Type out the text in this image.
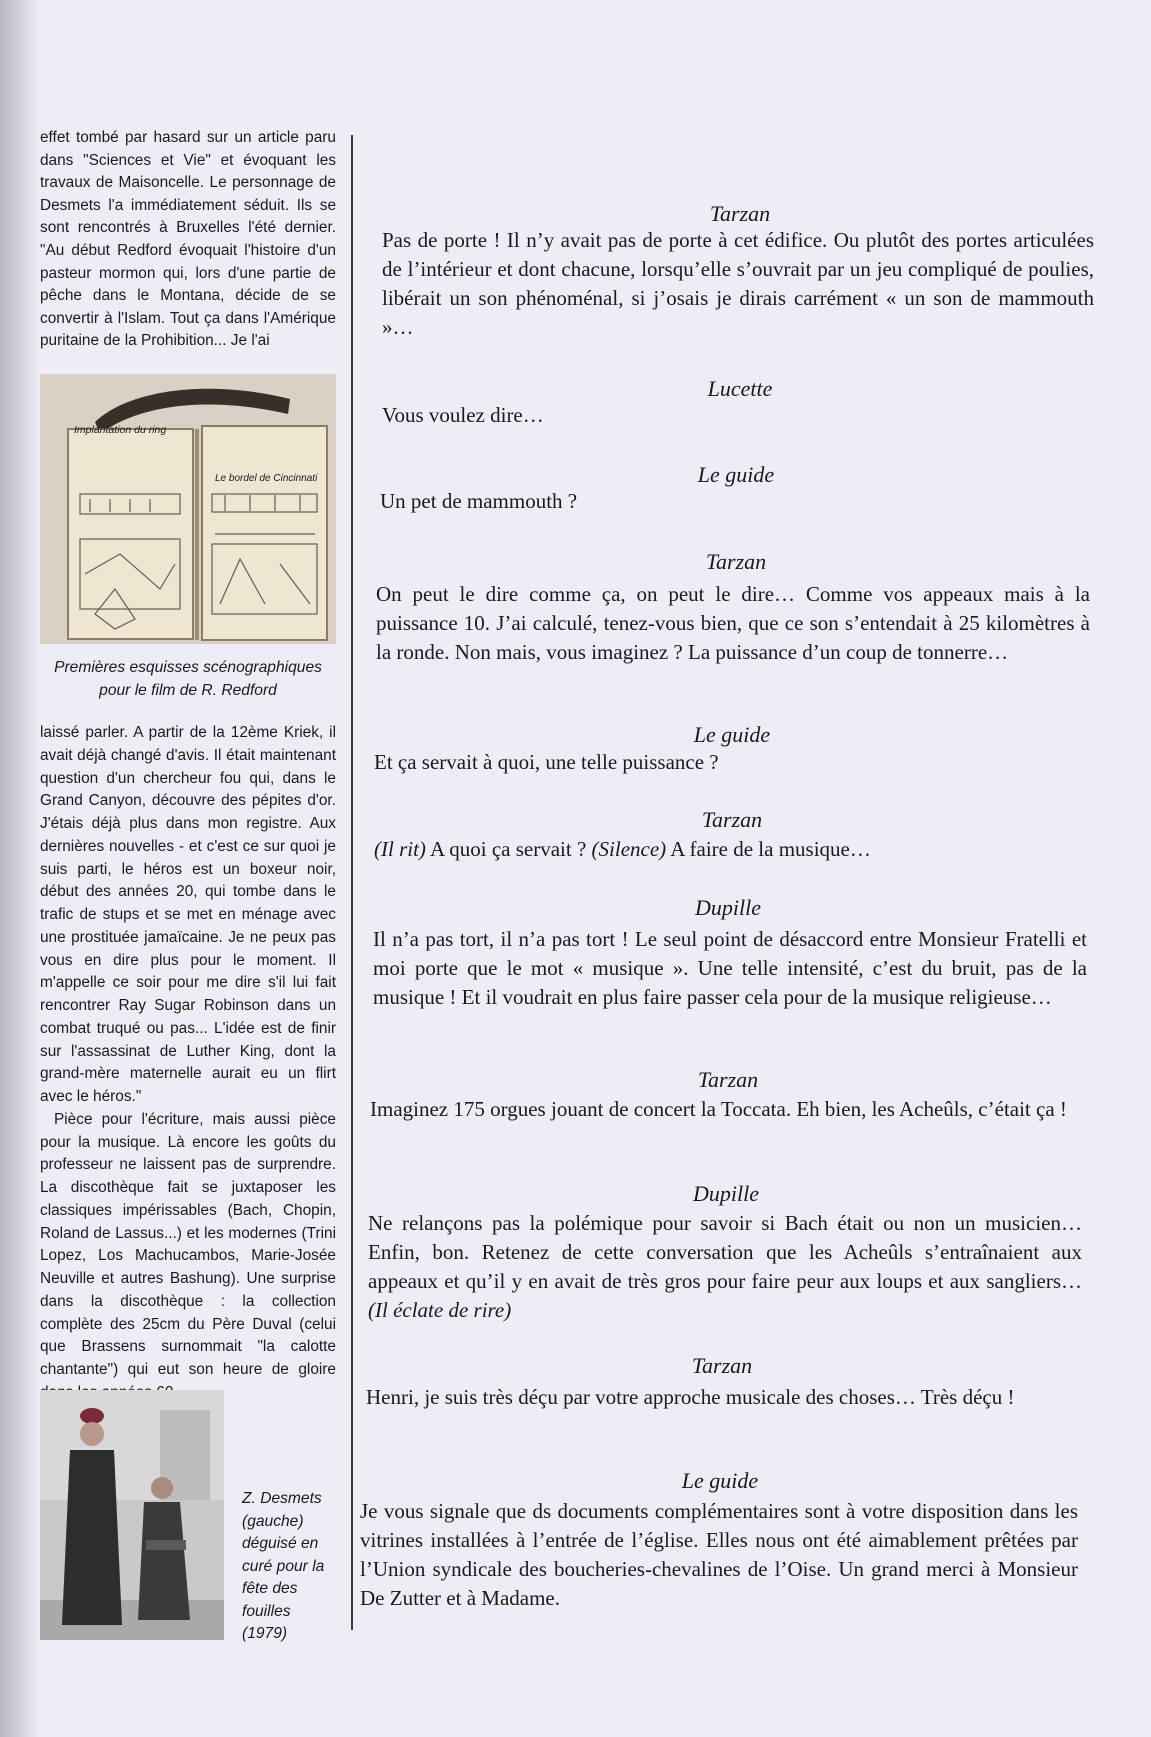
effet tombé par hasard sur un article paru dans "Sciences et Vie" et évoquant les travaux de Maisoncelle. Le personnage de Desmets l'a immédiatement séduit. Ils se sont rencontrés à Bruxelles l'été dernier. "Au début Redford évoquait l'histoire d'un pasteur mormon qui, lors d'une partie de pêche dans le Montana, décide de se convertir à l'Islam. Tout ça dans l'Amérique puritaine de la Prohibition... Je l'ai

Implantation du ring
Le bordel de Cincinnati
Premières esquisses scénographiques
pour le film de R. Redford

laissé parler. A partir de la 12ème Kriek, il avait déjà changé d'avis. Il était maintenant question d'un chercheur fou qui, dans le Grand Canyon, découvre des pépites d'or. J'étais déjà plus dans mon registre. Aux dernières nouvelles - et c'est ce sur quoi je suis parti, le héros est un boxeur noir, début des années 20, qui tombe dans le trafic de stups et se met en ménage avec une prostituée jamaïcaine. Je ne peux pas vous en dire plus pour le moment. Il m'appelle ce soir pour me dire s'il lui fait rencontrer Ray Sugar Robinson dans un combat truqué ou pas... L'idée est de finir sur l'assassinat de Luther King, dont la grand-mère maternelle aurait eu un flirt avec le héros."

Pièce pour l'écriture, mais aussi pièce pour la musique. Là encore les goûts du professeur ne laissent pas de surprendre. La discothèque fait se juxtaposer les classiques impérissables (Bach, Chopin, Roland de Lassus...) et les modernes (Trini Lopez, Los Machucambos, Marie-Josée Neuville et autres Bashung). Une surprise dans la discothèque : la collection complète des 25cm du Père Duval (celui que Brassens surnommait "la calotte chantante") qui eut son heure de gloire

Z. Desmets
(gauche)
déguisé en
curé pour la
fête des
fouilles
(1979)
Tarzan
Pas de porte ! Il n’y avait pas de porte à cet édifice. Ou plutôt des portes articulées de l’intérieur et dont chacune, lorsqu’elle s’ouvrait par un jeu compliqué de poulies, libérait un son phénoménal, si j’osais je dirais carrément « un son de mammouth »…
Lucette
Vous voulez dire…
Le guide
Un pet de mammouth ?
Tarzan
On peut le dire comme ça, on peut le dire… Comme vos appeaux mais à la puissance 10. J’ai calculé, tenez-vous bien, que ce son s’entendait à 25 kilomètres à la ronde. Non mais, vous imaginez ? La puissance d’un coup de tonnerre…
Le guide
Et ça servait à quoi, une telle puissance ?
Tarzan
(Il rit) A quoi ça servait ? (Silence) A faire de la musique…
Dupille
Il n’a pas tort, il n’a pas tort ! Le seul point de désaccord entre Monsieur Fratelli et moi porte que le mot « musique ». Une telle intensité, c’est du bruit, pas de la musique ! Et il voudrait en plus faire passer cela pour de la musique religieuse…
Tarzan
Imaginez 175 orgues jouant de concert la Toccata. Eh bien, les Acheûls, c’était ça !
Dupille
Ne relançons pas la polémique pour savoir si Bach était ou non un musicien… Enfin, bon. Retenez de cette conversation que les Acheûls s’entraînaient aux appeaux et qu’il y en avait de très gros pour faire peur aux loups et aux sangliers… (Il éclate de rire)
Tarzan
Henri, je suis très déçu par votre approche musicale des choses… Très déçu !
Le guide
Je vous signale que ds documents complémentaires sont à votre disposition dans les vitrines installées à l’entrée de l’église. Elles nous ont été aimablement prêtées par l’Union syndicale des boucheries-chevalines de l’Oise. Un grand merci à Monsieur De Zutter et à Madame.
